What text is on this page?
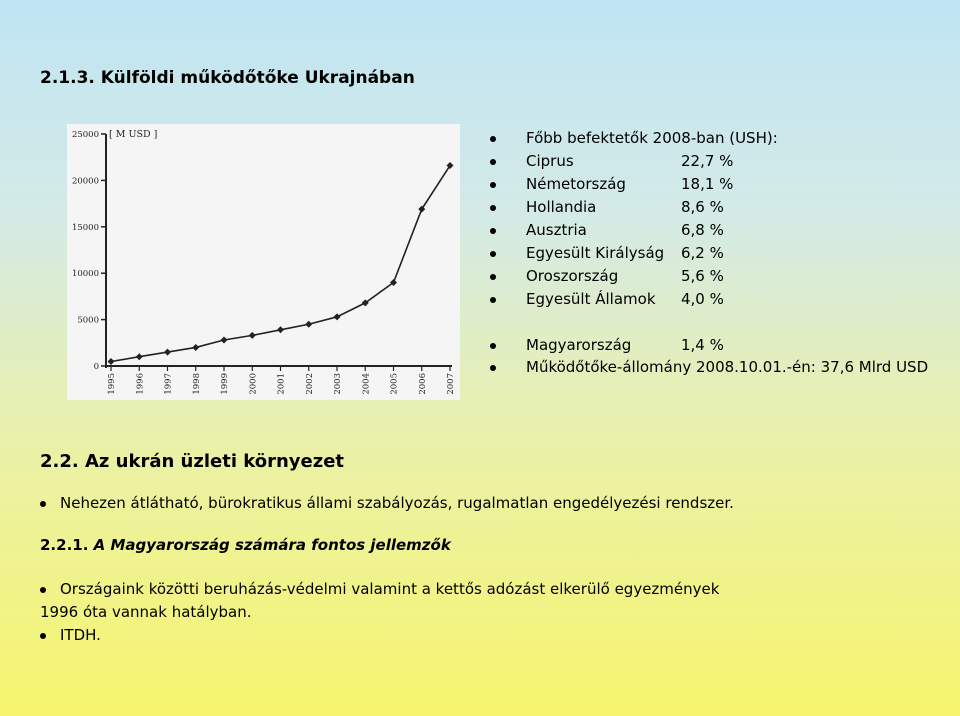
2.1.3. Külföldi működőtőke Ukrajnában
0
5000
10000
15000
20000
25000 [ M USD ]
1995 1996 1997 1998 1999 2000 2001 2002 2003 2004 2005 2006 2007
Főbb befektetők 2008-ban (USH):
Ciprus	22,7 %
Németország	18,1 %
Hollandia	8,6 %
Ausztria	6,8 %
Egyesült Királyság 6,2 %
Oroszország	5,6 %
Egyesült Államok 4,0 %
Magyarország	1,4 %
Működőtőke-állomány 2008.10.01.-én: 37,6 Mlrd USD
2.2. Az ukrán üzleti környezet
Nehezen átlátható, bürokratikus állami szabályozás, rugalmatlan engedélyezési rendszer.
2.2.1. A Magyarország számára fontos jellemzők
Országaink közötti beruházás-védelmi valamint a kettős adózást elkerülő egyezmények
1996 óta vannak hatályban.
ITDH.
